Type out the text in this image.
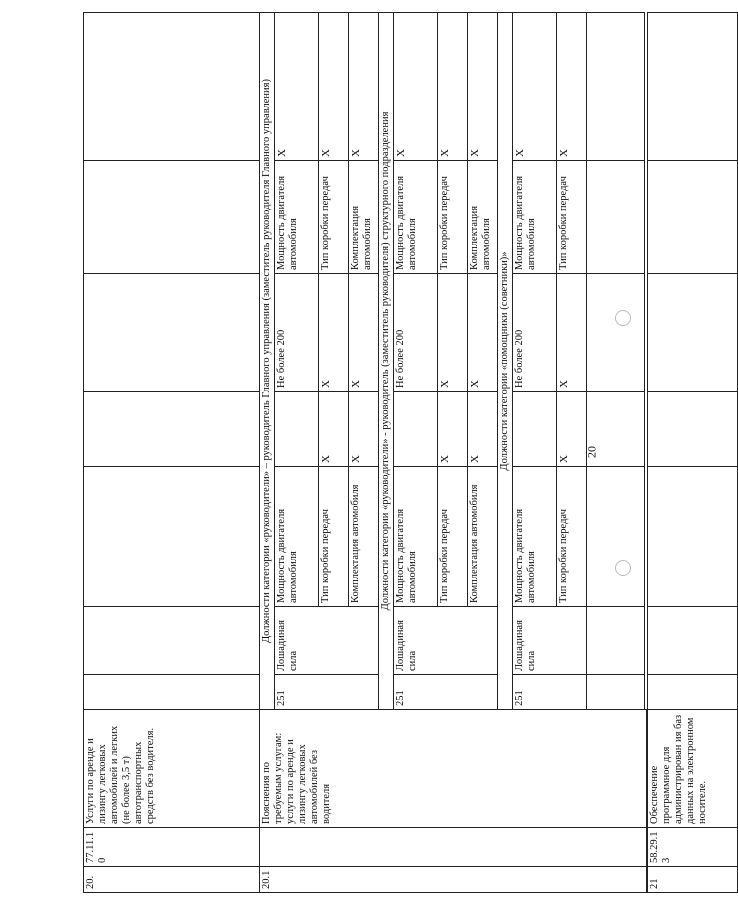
20
20.	77.11.10	Услуги по аренде и лизингу легковых автомобилей и легких (не более 3,5 т) автотранспортных средств без водителя.							
20.1		Пояснения по требуемым услугам: услуги по аренде и лизингу легковых автомобилей без водителя	Должности категории «руководители» – руководитель Главного управления (заместитель руководителя Главного управления)						
			251	Лошадиная сила	Мощность двигателя автомобиля		Не более 200	Мощность двигателя автомобиля	X
					Тип коробки передач	X	X	Тип коробки передач	X
					Комплектация автомобиля	X	X	Комплектация автомобиля	X
			Должности категории «руководители» - руководитель (заместитель руководителя) структурного подразделения						
			251	Лошадиная сила	Мощность двигателя автомобиля		Не более 200	Мощность двигателя автомобиля	X
					Тип коробки передач	X	X	Тип коробки передач	X
					Комплектация автомобиля	X	X	Комплектация автомобиля	X
			Должности категории «помощники (советники)»						
			251	Лошадиная сила	Мощность двигателя автомобиля		Не более 200	Мощность двигателя автомобиля	X
					Тип коробки передач	X	X	Тип коробки передач	X

21	58.29.13	Обеспечение программное для администрирован ия баз данных на электронном носителе.							
